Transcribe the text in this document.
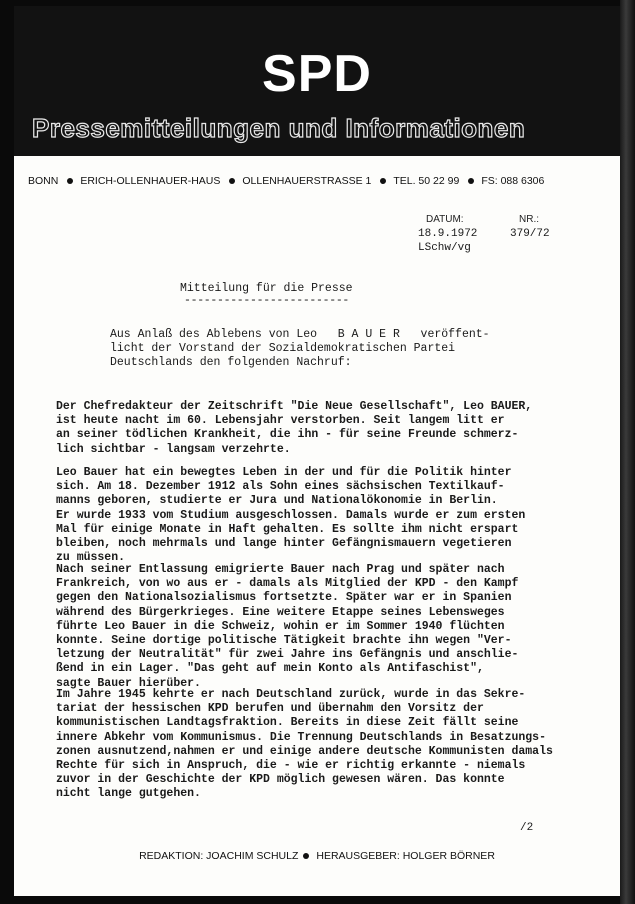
SPD
Pressemitteilungen und Informationen
BONN ERICH-OLLENHAUER-HAUS OLLENHAUERSTRASSE 1 TEL. 50 22 99 FS: 088 6306
DATUM:	NR.:
18.9.1972	379/72
LSchw/vg
Mitteilung für die Presse
-------------------------
Aus Anlaß des Ablebens von Leo   B A U E R   veröffent-
licht der Vorstand der Sozialdemokratischen Partei
Deutschlands den folgenden Nachruf:
Der Chefredakteur der Zeitschrift "Die Neue Gesellschaft", Leo BAUER,
ist heute nacht im 60. Lebensjahr verstorben. Seit langem litt er
an seiner tödlichen Krankheit, die ihn - für seine Freunde schmerz-
lich sichtbar - langsam verzehrte.
Leo Bauer hat ein bewegtes Leben in der und für die Politik hinter
sich. Am 18. Dezember 1912 als Sohn eines sächsischen Textilkauf-
manns geboren, studierte er Jura und Nationalökonomie in Berlin.
Er wurde 1933 vom Studium ausgeschlossen. Damals wurde er zum ersten
Mal für einige Monate in Haft gehalten. Es sollte ihm nicht erspart
bleiben, noch mehrmals und lange hinter Gefängnismauern vegetieren
zu müssen.
Nach seiner Entlassung emigrierte Bauer nach Prag und später nach
Frankreich, von wo aus er - damals als Mitglied der KPD - den Kampf
gegen den Nationalsozialismus fortsetzte. Später war er in Spanien
während des Bürgerkrieges. Eine weitere Etappe seines Lebensweges
führte Leo Bauer in die Schweiz, wohin er im Sommer 1940 flüchten
konnte. Seine dortige politische Tätigkeit brachte ihn wegen "Ver-
letzung der Neutralität" für zwei Jahre ins Gefängnis und anschlie-
ßend in ein Lager. "Das geht auf mein Konto als Antifaschist",
sagte Bauer hierüber.
Im Jahre 1945 kehrte er nach Deutschland zurück, wurde in das Sekre-
tariat der hessischen KPD berufen und übernahm den Vorsitz der
kommunistischen Landtagsfraktion. Bereits in diese Zeit fällt seine
innere Abkehr vom Kommunismus. Die Trennung Deutschlands in Besatzungs-
zonen ausnutzend,nahmen er und einige andere deutsche Kommunisten damals
Rechte für sich in Anspruch, die - wie er richtig erkannte - niemals
zuvor in der Geschichte der KPD möglich gewesen wären. Das konnte
nicht lange gutgehen.
/2
REDAKTION: JOACHIM SCHULZ HERAUSGEBER: HOLGER BÖRNER
